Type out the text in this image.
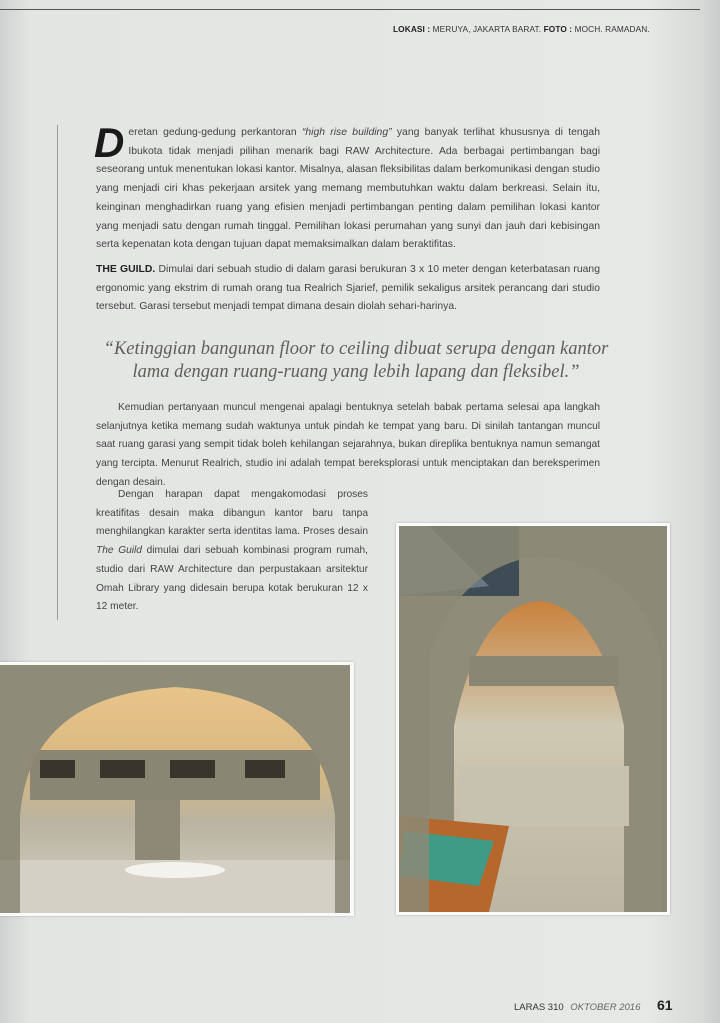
LOKASI : MERUYA, JAKARTA BARAT. FOTO : MOCH. RAMADAN.
Deretan gedung-gedung perkantoran “high rise building” yang banyak terlihat khususnya di tengah Ibukota tidak menjadi pilihan menarik bagi RAW Architecture. Ada berbagai pertimbangan bagi seseorang untuk menentukan lokasi kantor. Misalnya, alasan fleksibilitas dalam berkomunikasi dengan studio yang menjadi ciri khas pekerjaan arsitek yang memang membutuhkan waktu dalam berkreasi. Selain itu, keinginan menghadirkan ruang yang efisien menjadi pertimbangan penting dalam pemilihan lokasi kantor yang menjadi satu dengan rumah tinggal. Pemilihan lokasi perumahan yang sunyi dan jauh dari kebisingan serta kepenatan kota dengan tujuan dapat memaksimalkan dalam beraktifitas.
THE GUILD. Dimulai dari sebuah studio di dalam garasi berukuran 3 x 10 meter dengan keterbatasan ruang ergonomic yang ekstrim di rumah orang tua Realrich Sjarief, pemilik sekaligus arsitek perancang dari studio tersebut. Garasi tersebut menjadi tempat dimana desain diolah sehari-harinya.
“Ketinggian bangunan floor to ceiling dibuat serupa dengan kantor lama dengan ruang-ruang yang lebih lapang dan fleksibel.”
Kemudian pertanyaan muncul mengenai apalagi bentuknya setelah babak pertama selesai apa langkah selanjutnya ketika memang sudah waktunya untuk pindah ke tempat yang baru. Di sinilah tantangan muncul saat ruang garasi yang sempit tidak boleh kehilangan sejarahnya, bukan direplika bentuknya namun semangat yang tercipta. Menurut Realrich, studio ini adalah tempat bereksplorasi untuk menciptakan dan bereksperimen dengan desain.
Dengan harapan dapat mengakomodasi proses kreatifitas desain maka dibangun kantor baru tanpa menghilangkan karakter serta identitas lama. Proses desain The Guild dimulai dari sebuah kombinasi program rumah, studio dari RAW Architecture dan perpustakaan arsitektur Omah Library yang didesain berupa kotak berukuran 12 x 12 meter.
LARAS 310 OKTOBER 2016 61
